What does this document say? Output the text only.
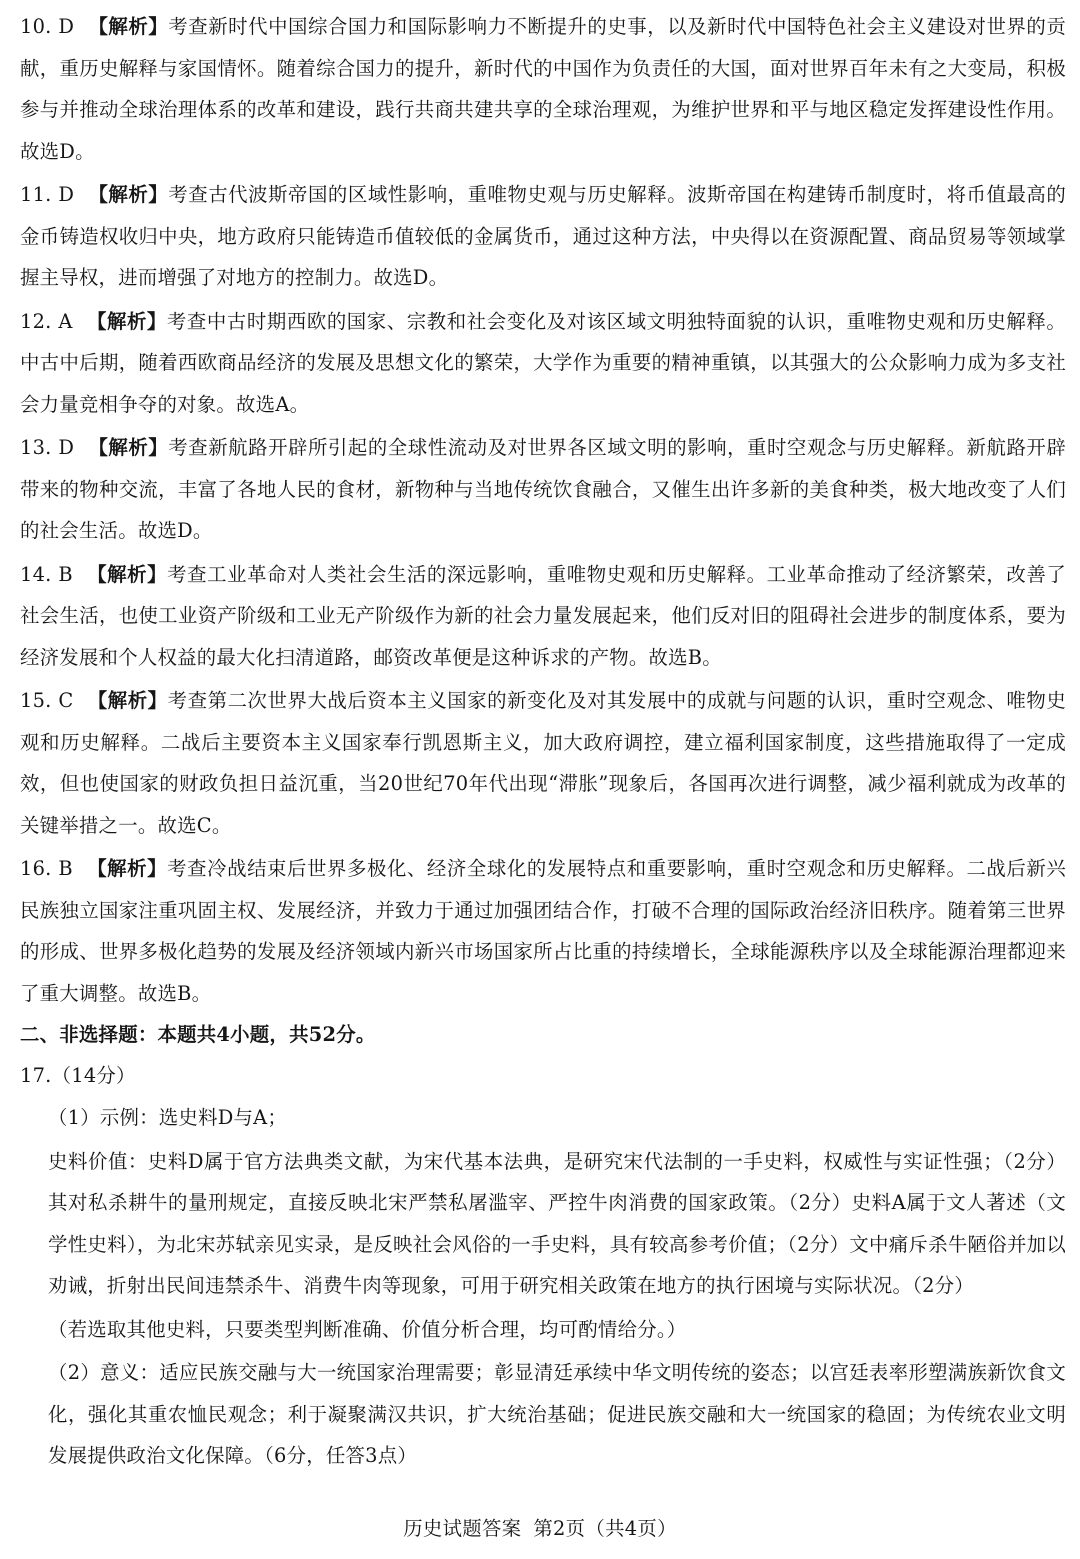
10. D 【解析】考查新时代中国综合国力和国际影响力不断提升的史事，以及新时代中国特色社会主义建设对世界的贡献，重历史解释与家国情怀。随着综合国力的提升，新时代的中国作为负责任的大国，面对世界百年未有之大变局，积极参与并推动全球治理体系的改革和建设，践行共商共建共享的全球治理观，为维护世界和平与地区稳定发挥建设性作用。故选D。

11. D 【解析】考查古代波斯帝国的区域性影响，重唯物史观与历史解释。波斯帝国在构建铸币制度时，将币值最高的金币铸造权收归中央，地方政府只能铸造币值较低的金属货币，通过这种方法，中央得以在资源配置、商品贸易等领域掌握主导权，进而增强了对地方的控制力。故选D。

12. A 【解析】考查中古时期西欧的国家、宗教和社会变化及对该区域文明独特面貌的认识，重唯物史观和历史解释。中古中后期，随着西欧商品经济的发展及思想文化的繁荣，大学作为重要的精神重镇，以其强大的公众影响力成为多支社会力量竞相争夺的对象。故选A。

13. D 【解析】考查新航路开辟所引起的全球性流动及对世界各区域文明的影响，重时空观念与历史解释。新航路开辟带来的物种交流，丰富了各地人民的食材，新物种与当地传统饮食融合，又催生出许多新的美食种类，极大地改变了人们的社会生活。故选D。

14. B 【解析】考查工业革命对人类社会生活的深远影响，重唯物史观和历史解释。工业革命推动了经济繁荣，改善了社会生活，也使工业资产阶级和工业无产阶级作为新的社会力量发展起来，他们反对旧的阻碍社会进步的制度体系，要为经济发展和个人权益的最大化扫清道路，邮资改革便是这种诉求的产物。故选B。

15. C 【解析】考查第二次世界大战后资本主义国家的新变化及对其发展中的成就与问题的认识，重时空观念、唯物史观和历史解释。二战后主要资本主义国家奉行凯恩斯主义，加大政府调控，建立福利国家制度，这些措施取得了一定成效，但也使国家的财政负担日益沉重，当20世纪70年代出现“滞胀”现象后，各国再次进行调整，减少福利就成为改革的关键举措之一。故选C。

16. B 【解析】考查冷战结束后世界多极化、经济全球化的发展特点和重要影响，重时空观念和历史解释。二战后新兴民族独立国家注重巩固主权、发展经济，并致力于通过加强团结合作，打破不合理的国际政治经济旧秩序。随着第三世界的形成、世界多极化趋势的发展及经济领域内新兴市场国家所占比重的持续增长，全球能源秩序以及全球能源治理都迎来了重大调整。故选B。

二、非选择题：本题共4小题，共52分。

17.（14分）

（1）示例：选史料D与A；

史料价值：史料D属于官方法典类文献，为宋代基本法典，是研究宋代法制的一手史料，权威性与实证性强；（2分）其对私杀耕牛的量刑规定，直接反映北宋严禁私屠滥宰、严控牛肉消费的国家政策。（2分）史料A属于文人著述（文学性史料），为北宋苏轼亲见实录，是反映社会风俗的一手史料，具有较高参考价值；（2分）文中痛斥杀牛陋俗并加以劝诫，折射出民间违禁杀牛、消费牛肉等现象，可用于研究相关政策在地方的执行困境与实际状况。（2分）

（若选取其他史料，只要类型判断准确、价值分析合理，均可酌情给分。）

（2）意义：适应民族交融与大一统国家治理需要；彰显清廷承续中华文明传统的姿态；以宫廷表率形塑满族新饮食文化，强化其重农恤民观念；利于凝聚满汉共识，扩大统治基础；促进民族交融和大一统国家的稳固；为传统农业文明发展提供政治文化保障。（6分，任答3点）

历史试题答案 第2页（共4页）
